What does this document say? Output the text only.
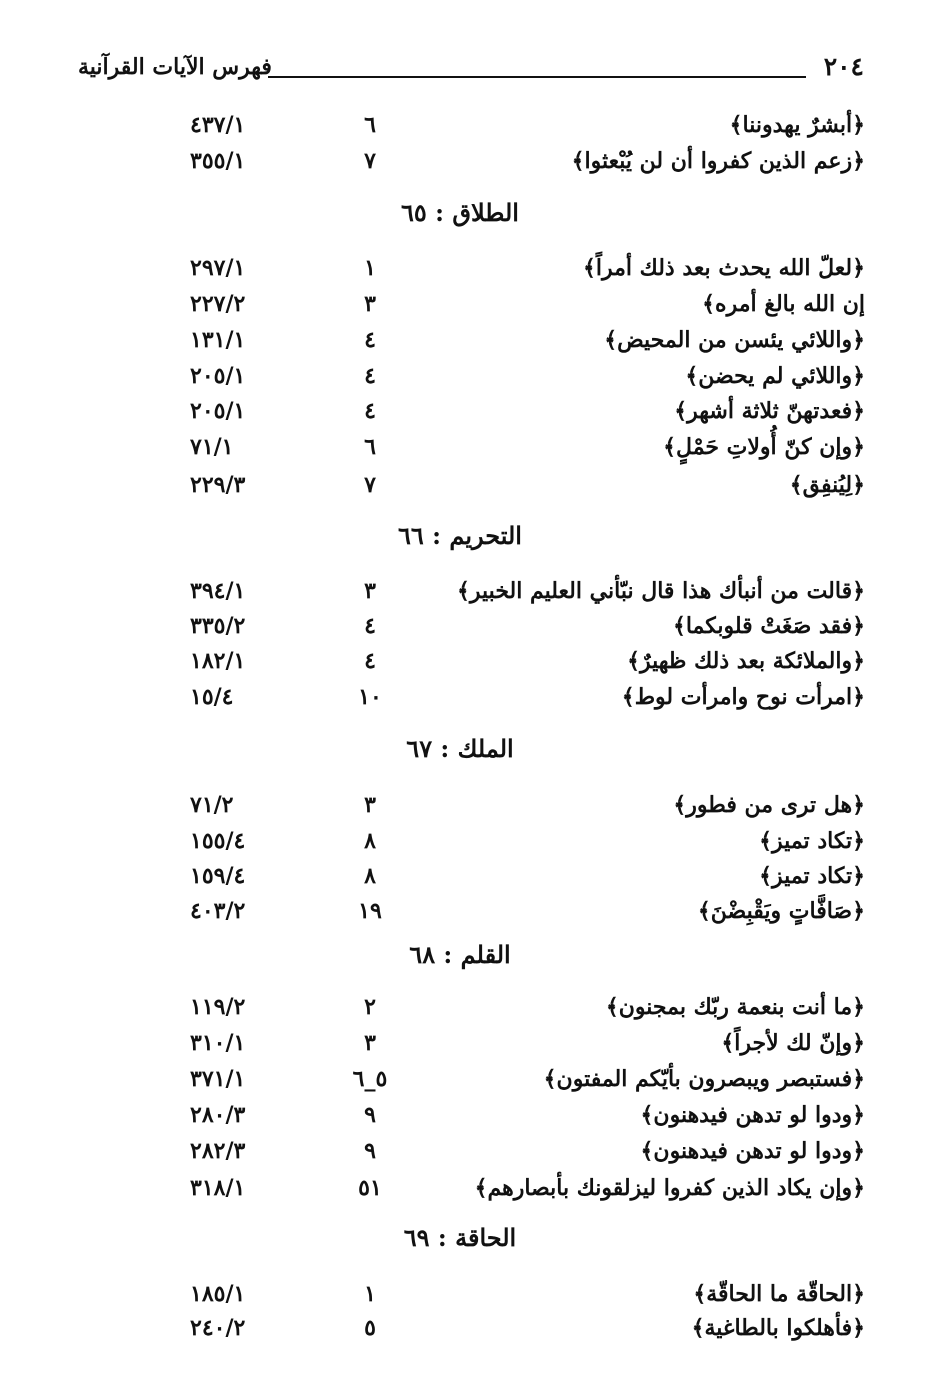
٢٠٤
فهرس الآيات القرآنية
﴿أبشرٌ يهدوننا﴾
٦
٤٣٧/١
﴿زعم الذين كفروا أن لن يُبْعثوا﴾
٧
٣٥٥/١
الطلاق : ٦٥
﴿لعلّ الله يحدث بعد ذلك أمراً﴾
١
٢٩٧/١
إن الله بالغ أمره﴾
٣
٢٢٧/٢
﴿واللائي يئسن من المحيض﴾
٤
١٣١/١
﴿واللائي لم يحضن﴾
٤
٢٠٥/١
﴿فعدتهنّ ثلاثة أشهر﴾
٤
٢٠٥/١
﴿وإن كنّ أُولاتِ حَمْلٍ﴾
٦
٧١/١
﴿لِيُنفِق﴾
٧
٢٢٩/٣
التحريم : ٦٦
﴿قالت من أنبأك هذا قال نبّأني العليم الخبير﴾
٣
٣٩٤/١
﴿فقد صَغَتْ قلوبكما﴾
٤
٣٣٥/٢
﴿والملائكة بعد ذلك ظهيرٌ﴾
٤
١٨٢/١
﴿امرأت نوح وامرأت لوط﴾
١٠
١٥/٤
الملك : ٦٧
﴿هل ترى من فطور﴾
٣
٧١/٢
﴿تكاد تميز﴾
٨
١٥٥/٤
﴿تكاد تميز﴾
٨
١٥٩/٤
﴿صَافَّاتٍ ويَقْبِضْنَ﴾
١٩
٤٠٣/٢
القلم : ٦٨
﴿ما أنت بنعمة ربّك بمجنون﴾
٢
١١٩/٢
﴿وإنّ لك لأجراً﴾
٣
٣١٠/١
﴿فستبصر ويبصرون بأيّكم المفتون﴾
٥_٦
٣٧١/١
﴿ودوا لو تدهن فيدهنون﴾
٩
٢٨٠/٣
﴿ودوا لو تدهن فيدهنون﴾
٩
٢٨٢/٣
﴿وإن يكاد الذين كفروا ليزلقونك بأبصارهم﴾
٥١
٣١٨/١
الحاقة : ٦٩
﴿الحاقّة ما الحاقّة﴾
١
١٨٥/١
﴿فأهلكوا بالطاغية﴾
٥
٢٤٠/٢
